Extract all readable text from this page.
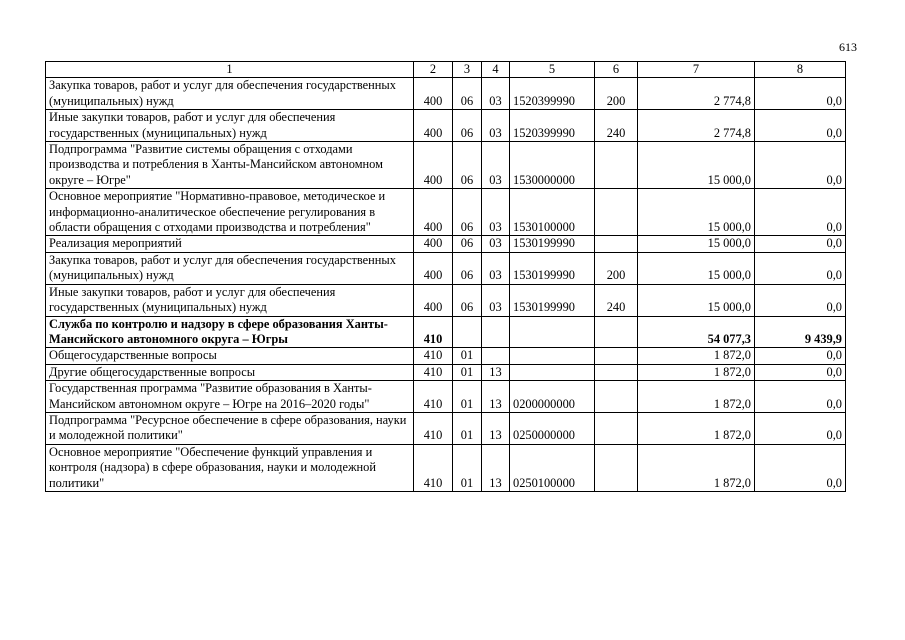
613
1	2	3	4	5	6	7	8
Закупка товаров, работ и услуг для обеспечения государственных (муниципальных) нужд	400	06	03	1520399990	200	2 774,8	0,0
Иные закупки товаров, работ и услуг для обеспечения государственных (муниципальных) нужд	400	06	03	1520399990	240	2 774,8	0,0
Подпрограмма "Развитие системы обращения с отходами производства и потребления в Ханты-Мансийском автономном округе – Югре"	400	06	03	1530000000		15 000,0	0,0
Основное мероприятие "Нормативно-правовое, методическое и информационно-аналитическое обеспечение регулирования в области обращения с отходами производства и потребления"	400	06	03	1530100000		15 000,0	0,0
Реализация мероприятий	400	06	03	1530199990		15 000,0	0,0
Закупка товаров, работ и услуг для обеспечения государственных (муниципальных) нужд	400	06	03	1530199990	200	15 000,0	0,0
Иные закупки товаров, работ и услуг для обеспечения государственных (муниципальных) нужд	400	06	03	1530199990	240	15 000,0	0,0
Служба по контролю и надзору в сфере образования Ханты-Мансийского автономного округа – Югры	410					54 077,3	9 439,9
Общегосударственные вопросы	410	01				1 872,0	0,0
Другие общегосударственные вопросы	410	01	13			1 872,0	0,0
Государственная программа "Развитие образования в Ханты-Мансийском автономном округе – Югре на 2016–2020 годы"	410	01	13	0200000000		1 872,0	0,0
Подпрограмма "Ресурсное обеспечение в сфере образования, науки и молодежной политики"	410	01	13	0250000000		1 872,0	0,0
Основное мероприятие "Обеспечение функций управления и контроля (надзора) в сфере образования, науки и молодежной политики"	410	01	13	0250100000		1 872,0	0,0
